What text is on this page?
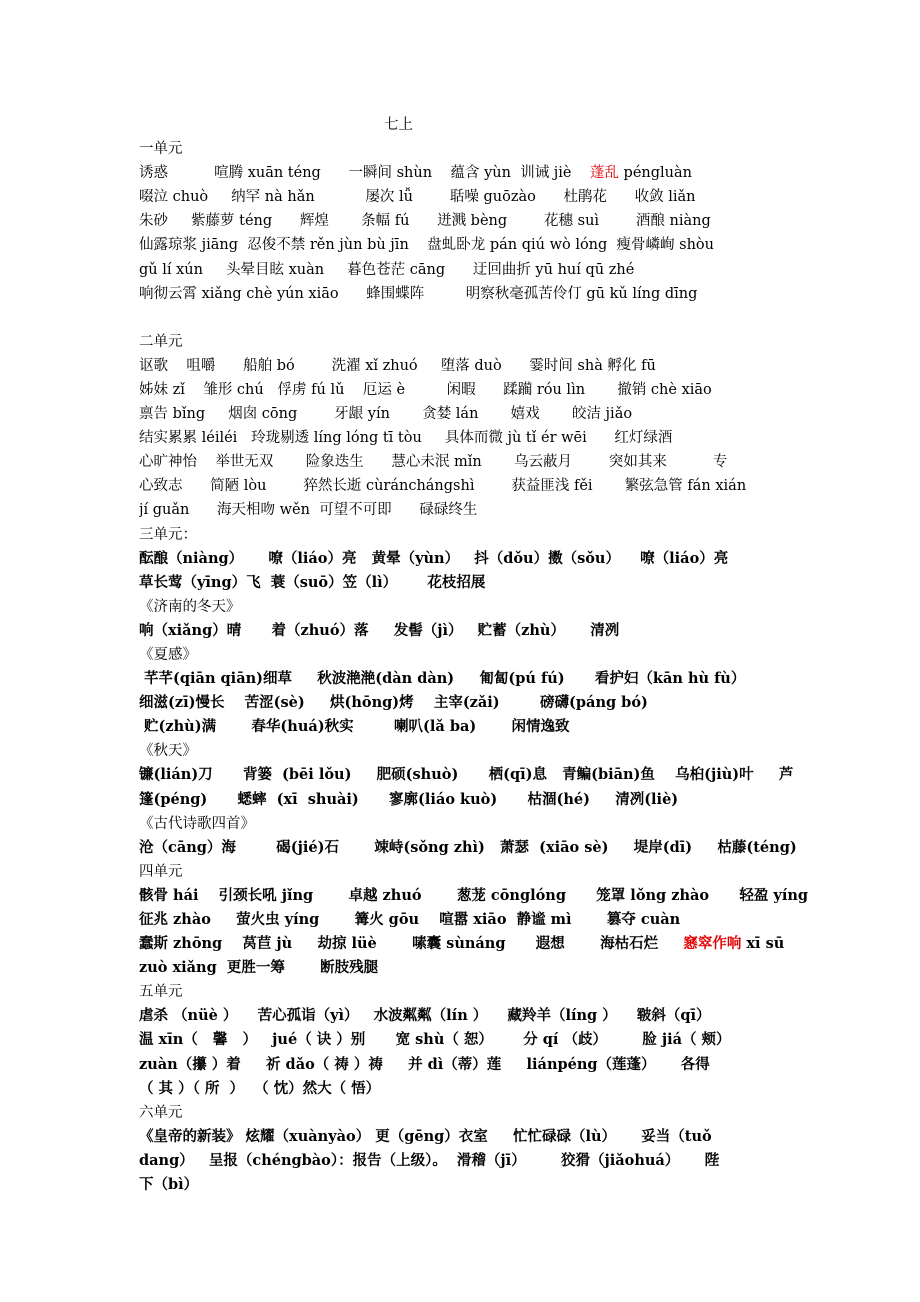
七上
一单元
诱惑          喧腾 xuān téng      一瞬间 shùn    蕴含 yùn  训诫 jiè    蓬乱 péngluàn
啜泣 chuò     纳罕 nà hǎn           屡次 lǚ        聒噪 guōzào      杜鹃花      收敛 liǎn
朱砂     紫藤萝 téng      辉煌       条幅 fú      迸溅 bèng        花穗 suì        酒酿 niàng
仙露琼浆 jiāng  忍俊不禁 rěn jùn bù jīn    盘虬卧龙 pán qiú wò lóng  瘦骨嶙峋 shòu
gǔ lí xún     头晕目眩 xuàn     暮色苍茫 cāng      迂回曲折 yū huí qū zhé
响彻云霄 xiǎng chè yún xiāo      蜂围蝶阵         明察秋毫孤苦伶仃 gū kǔ líng dīng
二单元
讴歌    咀嚼      船舶 bó        洗濯 xǐ zhuó     堕落 duò      霎时间 shà 孵化 fū
姊妹 zǐ    雏形 chú   俘虏 fú lǔ    厄运 è         闲暇      蹂躏 róu lìn       撤销 chè xiāo
禀告 bǐng     烟囱 cōng        牙龈 yín       贪婪 lán       嬉戏       皎洁 jiǎo
结实累累 léiléi   玲珑剔透 líng lóng tī tòu     具体而微 jù tǐ ér wēi      红灯绿酒
心旷神怡    举世无双       险象迭生      慧心未泯 mǐn       乌云蔽月        突如其来          专
心致志      简陋 lòu        猝然长逝 cùránchángshì        获益匪浅 fěi       繁弦急管 fán xián
jí guǎn      海天相吻 wěn  可望不可即      碌碌终生
三单元：
酝酿（niàng）     嘹（liáo）亮   黄晕（yùn）   抖（dǒu）擞（sǒu）    嘹（liáo）亮
草长莺（yīng）飞  蓑（suō）笠（lì）      花枝招展
《济南的冬天》
响（xiǎng）晴      着（zhuó）落     发髻（jì）   贮蓄（zhù）     清冽
《夏感》
芊芊(qiān qiān)细草     秋波滟滟(dàn dàn)     匍匐(pú fú)      看护妇（kān hù fù）
细滋(zī)慢长    苦涩(sè)     烘(hōng)烤    主宰(zǎi)        磅礴(páng bó)
贮(zhù)满       春华(huá)秋实        喇叭(lǎ ba)       闲情逸致
《秋天》
镰(lián)刀      背篓  (bēi lǒu)     肥硕(shuò)      栖(qī)息   青鳊(biān)鱼    乌桕(jiù)叶     芦
篷(péng)      蟋蟀  (xī  shuài)      寥廓(liáo kuò)      枯涸(hé)     清冽(liè)
《古代诗歌四首》
沧（cāng）海        碣(jié)石       竦峙(sǒng zhì)   萧瑟  (xiāo sè)     堤岸(dī)     枯藤(téng)
四单元
骸骨 hái    引颈长吼 jǐng       卓越 zhuó       葱茏 cōnglóng      笼罩 lǒng zhào      轻盈 yíng
征兆 zhào     萤火虫 yíng       篝火 gōu    喧嚣 xiāo  静谧 mì       篡夺 cuàn
蠢斯 zhōng    莴苣 jù     劫掠 lüè       嗉囊 sùnáng      遐想       海枯石烂     窸窣作响 xī sū
zuò xiǎng  更胜一筹       断肢残腿
五单元
虐杀 （nüè ）    苦心孤诣（yì）   水波粼粼（lín ）    藏羚羊（líng ）    皲斜（qī）
温 xīn（   馨   ）   jué（ 诀 ）别      宽 shù（ 恕）      分 qí （歧）       脸 jiá（ 颊）
zuàn（攥 ）着     祈 dǎo（ 祷 ）祷     并 dì（蒂）莲     liánpéng（莲蓬）     各得
（ 其 ）（ 所  ）  （ 忱）然大（ 悟）
六单元
《皇帝的新装》 炫耀（xuànyào） 更（gēng）衣室     忙忙碌碌（lù）     妥当（tuǒ
dang）   呈报（chéngbào）：报告（上级）。  滑稽（jī）       狡猾（jiǎohuá）     陛
下（bì）
